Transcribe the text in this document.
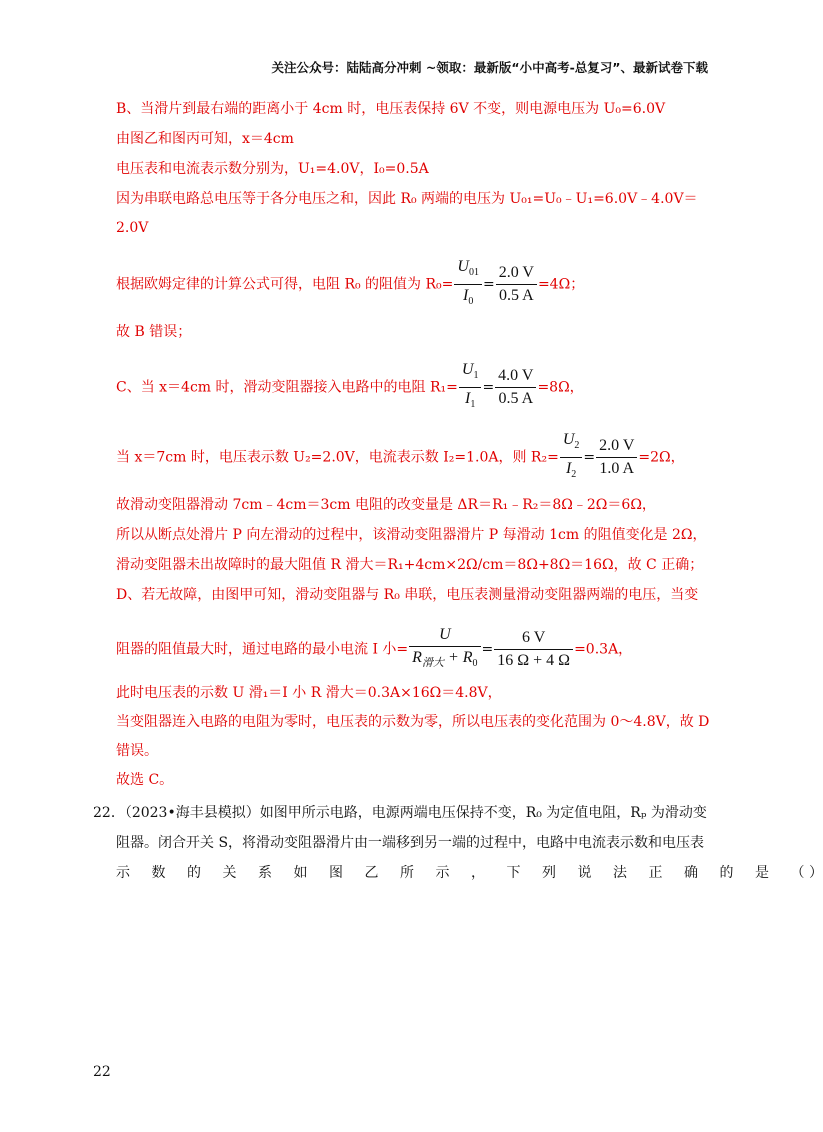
关注公众号：陆陆高分冲刺 ~领取：最新版“小中高考-总复习”、最新试卷下载
B、当滑片到最右端的距离小于 4cm 时，电压表保持 6V 不变，则电源电压为 U₀=6.0V
由图乙和图丙可知，x＝4cm
电压表和电流表示数分别为，U₁=4.0V，I₀=0.5A
因为串联电路总电压等于各分电压之和，因此 R₀ 两端的电压为 U₀₁=U₀﹣U₁=6.0V﹣4.0V＝
2.0V
根据欧姆定律的计算公式可得，电阻 R₀ 的阻值为 $R_0= \frac{U_{01}}{I_0} = \frac{2.0 V}{0.5 A} =4\Omega$；
故 B 错误；
C、当 x＝4cm 时，滑动变阻器接入电路中的电阻 $R_1= \frac{U_1}{I_1} = \frac{4.0 V}{0.5 A} =8\Omega$，
当 x＝7cm 时，电压表示数 U₂=2.0V，电流表示数 I₂=1.0A，则 $R_2= \frac{U_2}{I_2} = \frac{2.0 V}{1.0 A} =2\Omega$，
故滑动变阻器滑动 7cm﹣4cm＝3cm 电阻的改变量是 ΔR＝R₁﹣R₂＝8Ω﹣2Ω＝6Ω，
所以从断点处滑片 P 向左滑动的过程中，该滑动变阻器滑片 P 每滑动 1cm 的阻值变化是 2Ω，
滑动变阻器未出故障时的最大阻值 R 滑大＝R₁+4cm×2Ω/cm＝8Ω+8Ω＝16Ω，故 C 正确；
D、若无故障，由图甲可知，滑动变阻器与 R₀ 串联，电压表测量滑动变阻器两端的电压，当变
阻器的阻值最大时，通过电路的最小电流 I 小= $\frac{U}{R_{滑大} + R_0} = \frac{6 V}{16 \Omega + 4 \Omega} =0.3A$，
此时电压表的示数 U 滑₁＝I 小 R 滑大＝0.3A×16Ω＝4.8V，
当变阻器连入电路的电阻为零时，电压表的示数为零，所以电压表的变化范围为 0～4.8V，故 D
错误。
故选 C。
22．（2023•海丰县模拟）如图甲所示电路，电源两端电压保持不变，R₀ 为定值电阻，Rₚ 为滑动变
阻器。闭合开关 S，将滑动变阻器滑片由一端移到另一端的过程中，电路中电流表示数和电压表
示数的关系如图乙所示，下列说法正确的是（ ）
22
